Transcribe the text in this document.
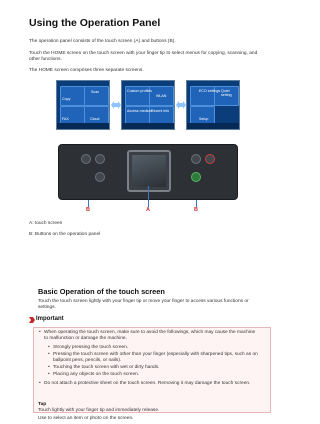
Using the Operation Panel

The operation panel consists of the touch screen (A) and buttons (B).

Touch the HOME screen on the touch screen with your finger tip to select menus for copying, scanning, and

other functions.

The HOME screen comprises three separate screens.

Copy
Scan
FAX	Cloud
Custom profiles
WLAN
Access medium
Recent info
ECO settings Quiet setting
Setup
B	A	B

A: touch screen

B: Buttons on the operation panel

Basic Operation of the touch screen

Touch the touch screen lightly with your finger tip or move your finger to access various functions or

settings.

Important
• When operating the touch screen, make sure to avoid the followings, which may cause the machine
to malfunction or damage the machine.
• Strongly pressing the touch screen.
• Pressing the touch screen with other than your finger (especially with sharpened tips, such as on
ballpoint pens, pencils, or nails).
• Touching the touch screen with wet or dirty hands.
• Placing any objects on the touch screen.
• Do not attach a protective sheet on the touch screen. Removing it may damage the touch screen.
Tap
Touch lightly with your finger tip and immediately release.
Use to select an item or photo on the screen.
